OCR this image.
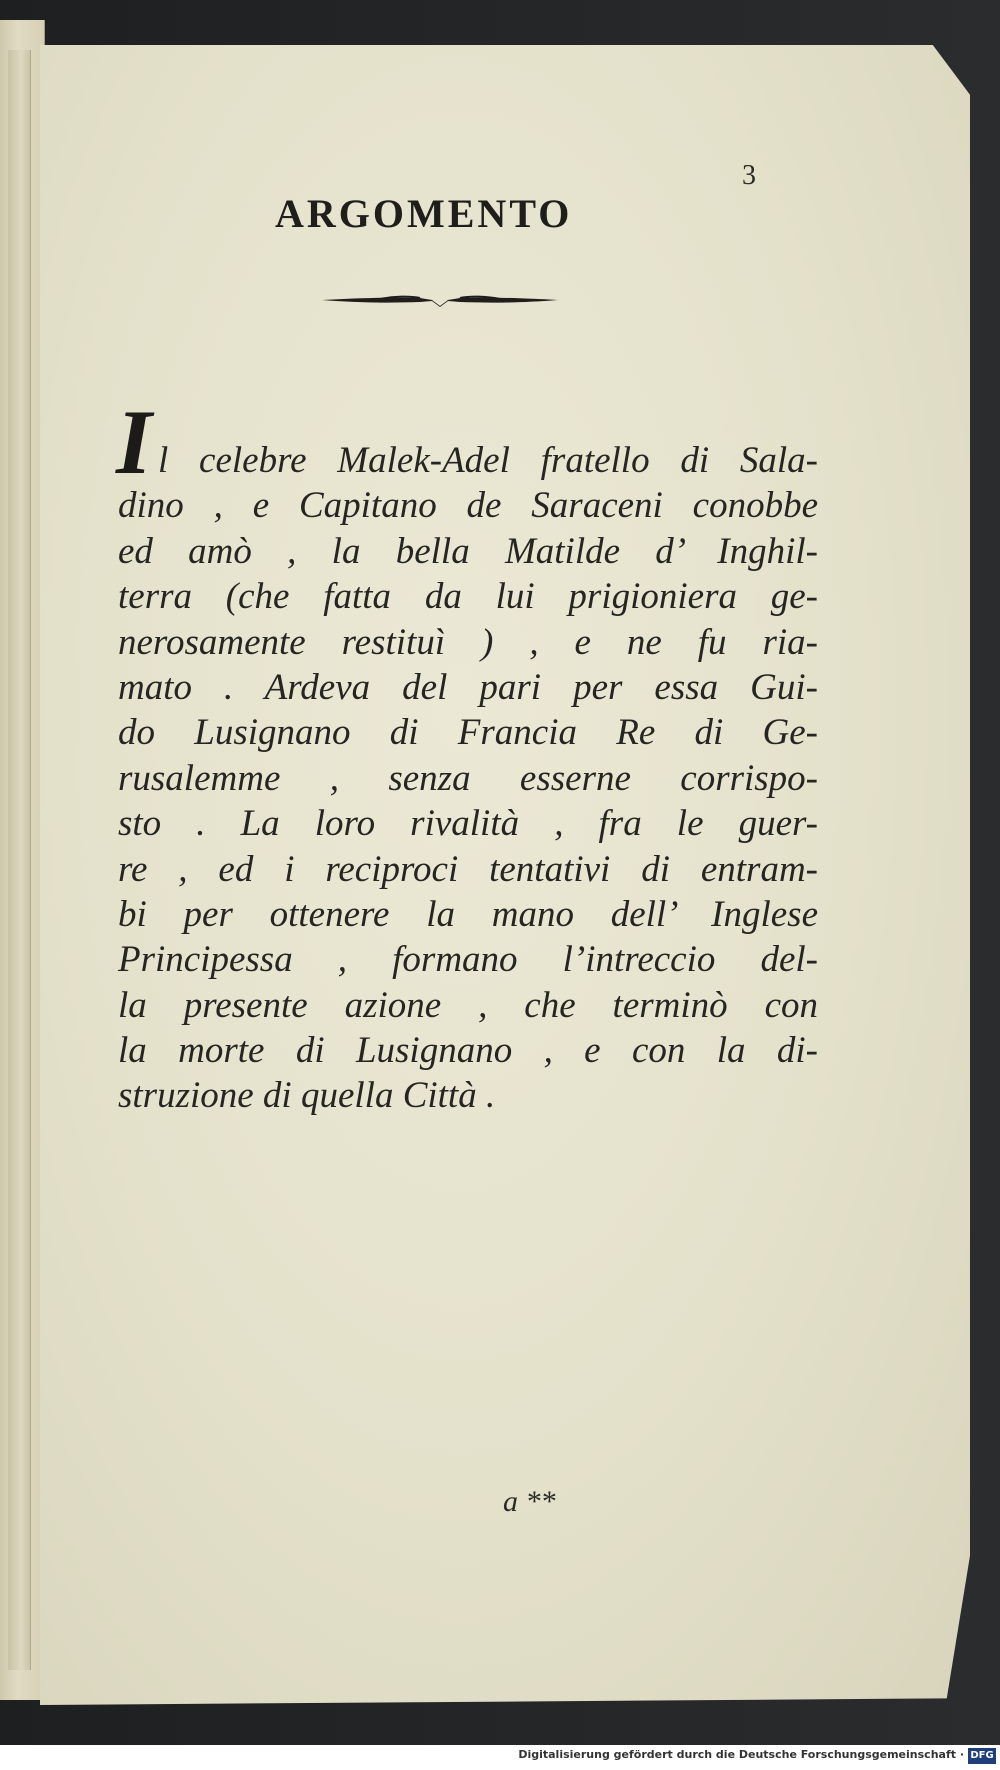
3
ARGOMENTO
I l celebre Malek-Adel fratello di Sala-
dino , e Capitano de Saraceni conobbe
ed amò , la bella Matilde d’ Inghil-
terra (che fatta da lui prigioniera ge-
nerosamente restituì ) , e ne fu ria-
mato . Ardeva del pari per essa Gui-
do Lusignano di Francia Re di Ge-
rusalemme , senza esserne corrispo-
sto . La loro rivalità , fra le guer-
re , ed i reciproci tentativi di entram-
bi per ottenere la mano dell’ Inglese
Principessa , formano l’intreccio del-
la presente azione , che terminò con
la morte di Lusignano , e con la di-
struzione di quella Città .
a **
Digitalisierung gefördert durch die Deutsche Forschungsgemeinschaft · DFG
